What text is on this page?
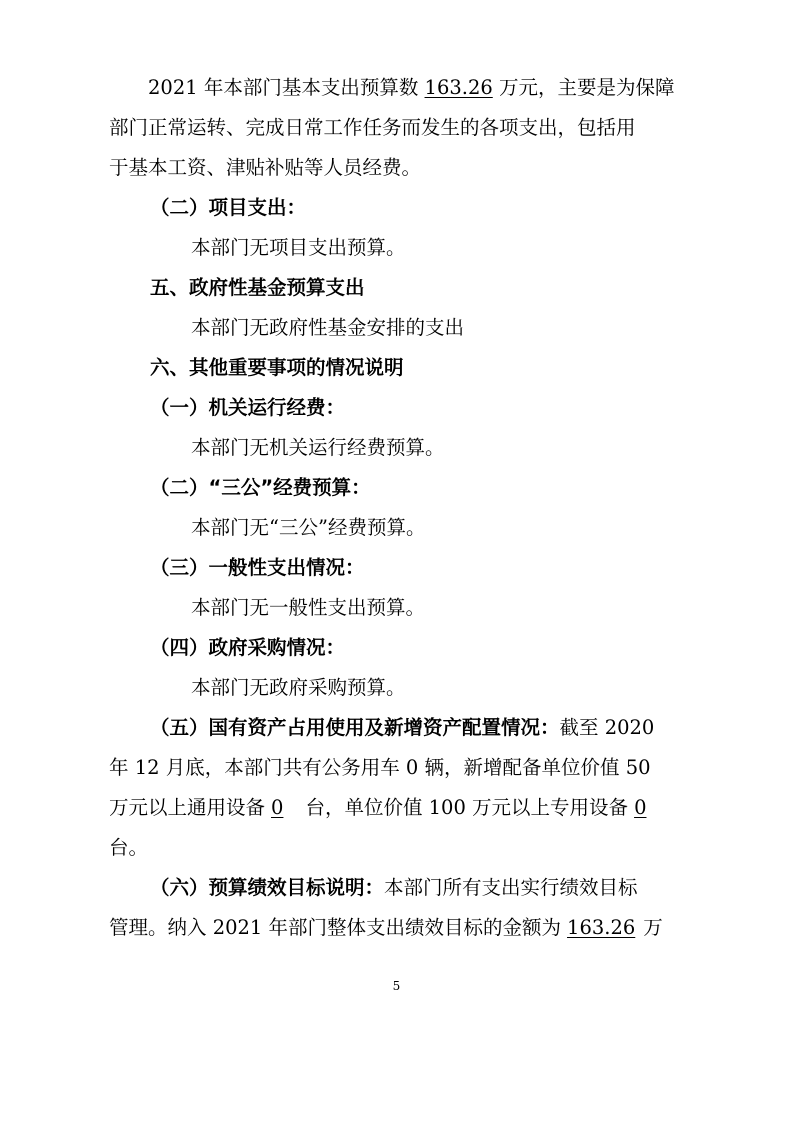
2021 年本部门基本支出预算数 163.26 万元，主要是为保障
部门正常运转、完成日常工作任务而发生的各项支出，包括用
于基本工资、津贴补贴等人员经费。
（二）项目支出：
本部门无项目支出预算。
五、政府性基金预算支出
本部门无政府性基金安排的支出
六、其他重要事项的情况说明
（一）机关运行经费：
本部门无机关运行经费预算。
（二）“三公”经费预算：
本部门无“三公”经费预算。
（三）一般性支出情况：
本部门无一般性支出预算。
（四）政府采购情况：
本部门无政府采购预算。
（五）国有资产占用使用及新增资产配置情况：截至 2020
年 12 月底，本部门共有公务用车 0 辆，新增配备单位价值 50
万元以上通用设备 0 台，单位价值 100 万元以上专用设备 0
台。
（六）预算绩效目标说明：本部门所有支出实行绩效目标
管理。纳入 2021 年部门整体支出绩效目标的金额为 163.26 万
5
